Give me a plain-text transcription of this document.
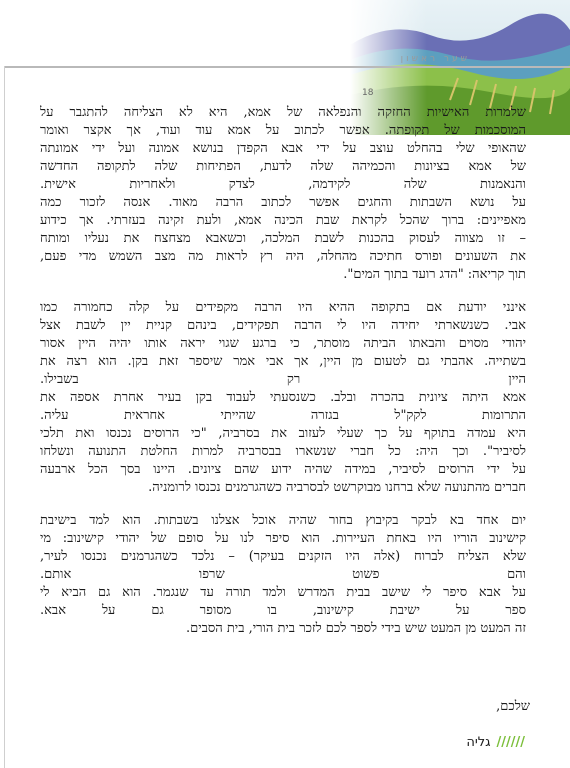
שער ראשון
18

שלמרות האישיות החזקה והנפלאה של אמא, היא לא הצליחה להתגבר על
המוסכמות של תקופתה. אפשר לכתוב על אמא עוד ועוד, אך אקצר ואומר
שהאופי שלי בהחלט עוצב על ידי אבא הקפדן בנושא אמונה ועל ידי אמונתה
של אמא בציונות והכמיהה שלה לדעת, הפתיחות שלה לתקופה החדשה
והנאמנות שלה לקידמה, לצדק ולאחריות אישית.
על נושא השבתות והחגים אפשר לכתוב הרבה מאוד. אנסה לזכור כמה
מאפיינים: ברוך שהכל לקראת שבת הכינה אמא, ולעת זקינה בעזרתי. אך כידוע
– זו מצווה לעסוק בהכנות לשבת המלכה, וכשאבא מצחצח את נעליו ומותח
את השעונים ופורס חתיכה מהחלה, היה רץ לראות מה מצב השמש מדי פעם,
תוך קריאה: "הדג רועד בתוך המים".

אינני יודעת אם בתקופה ההיא היו הרבה מקפידים על קלה כחמורה כמו
אבי. כשנשארתי יחידה היו לי הרבה תפקידים, בינהם קניית יין לשבת אצל
יהודי מסוים והבאתו הביתה מוסתר, כי ברגע שגוי יראה אותו יהיה היין אסור
בשתייה. אהבתי גם לטעום מן היין, אך אבי אמר שיספר זאת בקן. הוא רצה את
היין רק בשבילו.
אמא היתה ציונית בהכרה ובלב. כשנסעתי לעבוד בקן בעיר אחרת אספה את
התרומות לקק"ל בגזרה שהייתי אחראית עליה.
היא עמדה בתוקף על כך שעלי לעזוב את בסרביה, "כי הרוסים נכנסו ואת תלכי
לסיביר". וכך היה: כל חברי שנשארו בבסרביה למרות החלטת התנועה ונשלחו
על ידי הרוסים לסיביר, במידה שהיה ידוע שהם ציונים. היינו בסך הכל ארבעה
חברים מהתנועה שלא ברחנו מבוקרשט לבסרביה כשהגרמנים נכנסו לרומניה.

יום אחד בא לבקר בקיבוץ בחור שהיה אוכל אצלנו בשבתות. הוא למד בישיבת
קישינוב הוריו היו באחת העיירות. הוא סיפר לנו על סופם של יהודי קישינוב: מי
שלא הצליח לברוח (אלה היו הזקנים בעיקר) – נלכד כשהגרמנים נכנסו לעיר,
והם פשוט שרפו אותם.
על אבא סיפר לי שישב בבית המדרש ולמד תורה עד שנגמר. הוא גם הביא לי
ספר על ישיבת קישינוב, בו מסופר גם על אבא.
זה המעט מן המעט שיש בידי לספר לכם לזכר בית הורי, בית הסבים.

שלכם,
//////גליה
